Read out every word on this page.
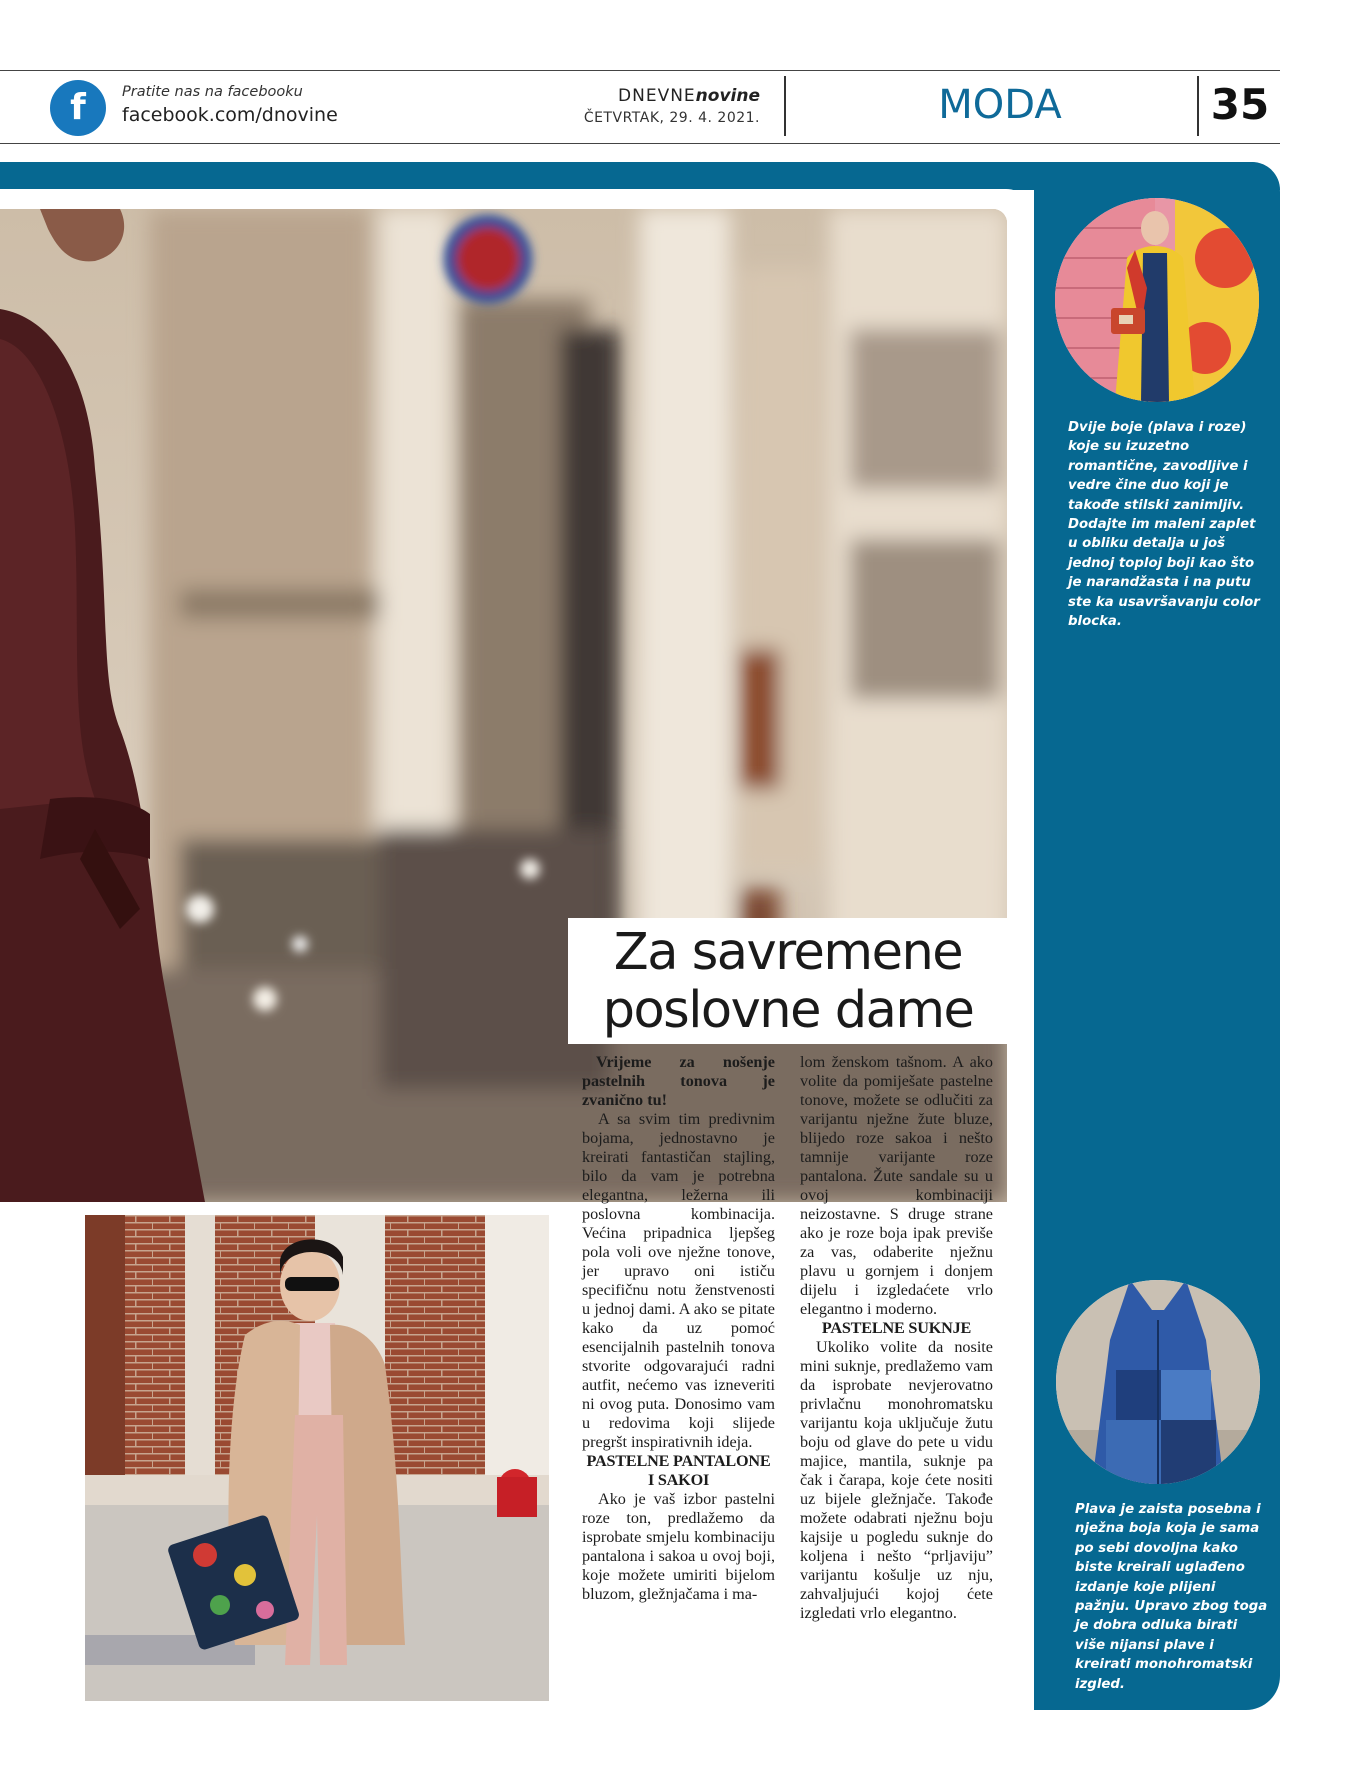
f	Pratite nas na facebooku
facebook.com/dnovine
DNEVNEnovine
ČETVRTAK, 29. 4. 2021.	MODA	35
Za savremene poslovne dame

Vrijeme za nošenje pastelnih tonova je zvanično tu!

A sa svim tim predivnim bojama, jednostavno je kreirati fantastičan stajling, bilo da vam je potrebna elegantna, ležerna ili poslovna kombinacija. Većina pripadnica ljepšeg pola voli ove nježne tonove, jer upravo oni ističu specifičnu notu ženstvenosti u jednoj dami. A ako se pitate kako da uz pomoć esencijalnih pastelnih tonova stvorite odgovarajući radni autfit, nećemo vas izneveriti ni ovog puta. Donosimo vam u redovima koji slijede pregršt inspirativnih ideja.

PASTELNE PANTALONE I SAKOI

Ako je vaš izbor pastelni roze ton, predlažemo da isprobate smjelu kombinaciju pantalona i sakoa u ovoj boji, koje možete umiriti bijelom bluzom, gležnjačama i ma-

lom ženskom tašnom. A ako volite da pomiješate pastelne tonove, možete se odlučiti za varijantu nježne žute bluze, blijedo roze sakoa i nešto tamnije varijante roze pantalona. Žute sandale su u ovoj kombinaciji neizostavne. S druge strane ako je roze boja ipak previše za vas, odaberite nježnu plavu u gornjem i donjem dijelu i izgledaćete vrlo elegantno i moderno.

PASTELNE SUKNJE

Ukoliko volite da nosite mini suknje, predlažemo vam da isprobate nevjerovatno privlačnu monohromatsku varijantu koja uključuje žutu boju od glave do pete u vidu majice, mantila, suknje pa čak i čarapa, koje ćete nositi uz bijele gležnjače. Takođe možete odabrati nježnu boju kajsije u pogledu suknje do koljena i nešto “prljaviju” varijantu košulje uz nju, zahvaljujući kojoj ćete izgledati vrlo elegantno.

Dvije boje (plava i roze) koje su izuzetno romantične, zavodljive i vedre čine duo koji je takođe stilski zanimljiv. Dodajte im maleni zaplet u obliku detalja u još jednoj toploj boji kao što je narandžasta i na putu ste ka usavršavanju color blocka.
Plava je zaista posebna i nježna boja koja je sama po sebi dovoljna kako biste kreirali uglađeno izdanje koje plijeni pažnju. Upravo zbog toga je dobra odluka birati više nijansi plave i kreirati monohromatski izgled.
